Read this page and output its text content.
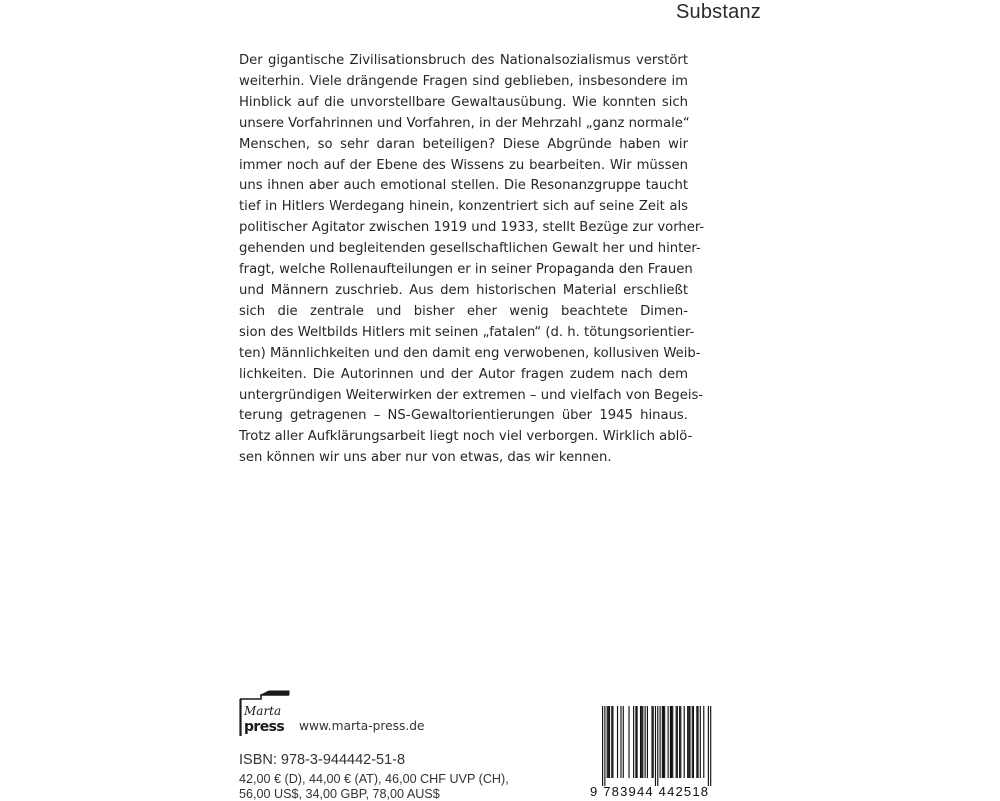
Substanz
Der gigantische Zivilisationsbruch des Nationalsozialismus verstört
weiterhin. Viele drängende Fragen sind geblieben, insbesondere im
Hinblick auf die unvorstellbare Gewaltausübung. Wie konnten sich
unsere Vorfahrinnen und Vorfahren, in der Mehrzahl „ganz normale“
Menschen, so sehr daran beteiligen? Diese Abgründe haben wir
immer noch auf der Ebene des Wissens zu bearbeiten. Wir müssen
uns ihnen aber auch emotional stellen. Die Resonanzgruppe taucht
tief in Hitlers Werdegang hinein, konzentriert sich auf seine Zeit als
politischer Agitator zwischen 1919 und 1933, stellt Bezüge zur vorher-
gehenden und begleitenden gesellschaftlichen Gewalt her und hinter-
fragt, welche Rollenaufteilungen er in seiner Propaganda den Frauen
und Männern zuschrieb. Aus dem historischen Material erschließt
sich die zentrale und bisher eher wenig beachtete Dimen-
sion des Weltbilds Hitlers mit seinen „fatalen“ (d. h. tötungsorientier-
ten) Männlichkeiten und den damit eng verwobenen, kollusiven Weib-
lichkeiten. Die Autorinnen und der Autor fragen zudem nach dem
untergründigen Weiterwirken der extremen – und vielfach von Begeis-
terung getragenen – NS-Gewaltorientierungen über 1945 hinaus.
Trotz aller Aufklärungsarbeit liegt noch viel verborgen. Wirklich ablö-
sen können wir uns aber nur von etwas, das wir kennen.
Marta
press www.marta-press.de
ISBN: 978-3-944442-51-8
42,00 € (D), 44,00 € (AT), 46,00 CHF UVP (CH),
56,00 US$, 34,00 GBP, 78,00 AUS$	9 783944 442518
